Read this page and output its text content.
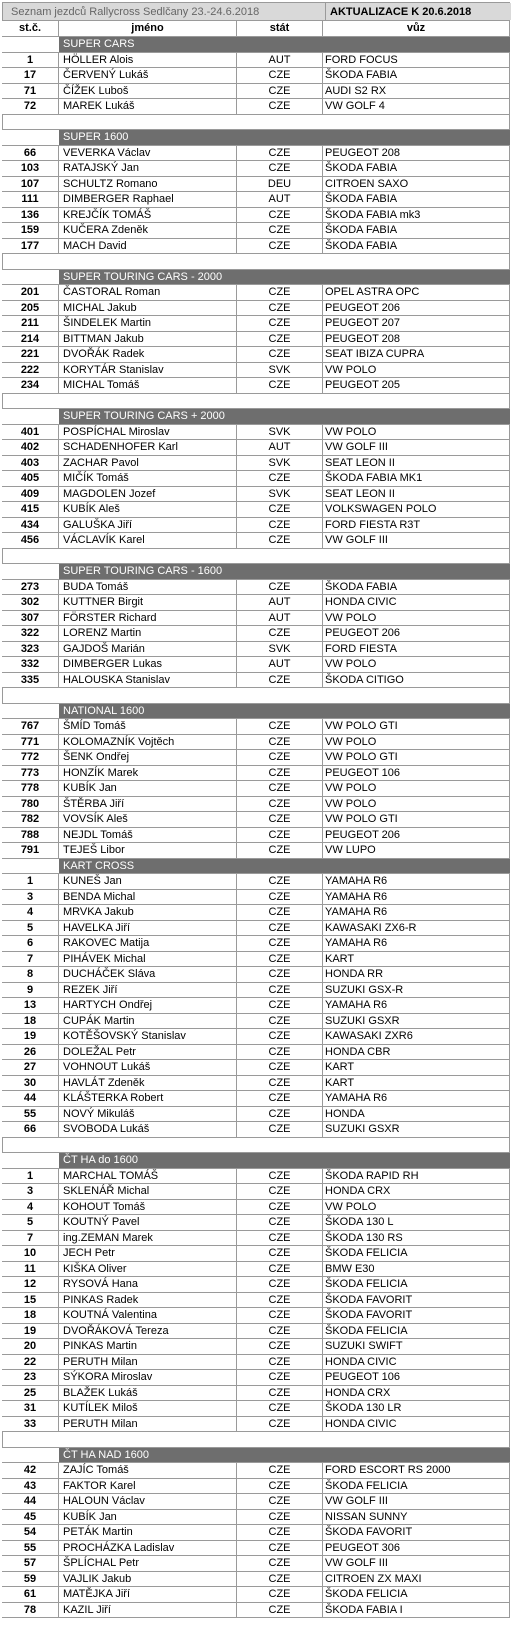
Seznam jezdců Rallycross Sedlčany 23.-24.6.2018	AKTUALIZACE K 20.6.2018
st.č.	jméno	stát	vůz
SUPER CARS
1	HÖLLER Alois	AUT	FORD FOCUS
17	ČERVENÝ Lukáš	CZE	ŠKODA FABIA
71	ČÍŽEK Luboš	CZE	AUDI S2 RX
72	MAREK Lukáš	CZE	VW GOLF 4
SUPER 1600
66	VEVERKA Václav	CZE	PEUGEOT 208
103	RATAJSKÝ Jan	CZE	ŠKODA FABIA
107	SCHULTZ Romano	DEU	CITROEN SAXO
111	DIMBERGER Raphael	AUT	ŠKODA FABIA
136	KREJČÍK TOMÁŠ	CZE	ŠKODA FABIA mk3
159	KUČERA Zdeněk	CZE	ŠKODA FABIA
177	MACH David	CZE	ŠKODA FABIA
SUPER TOURING CARS - 2000
201	ČASTORAL Roman	CZE	OPEL ASTRA OPC
205	MICHAL Jakub	CZE	PEUGEOT 206
211	ŠINDELEK Martin	CZE	PEUGEOT 207
214	BITTMAN Jakub	CZE	PEUGEOT 208
221	DVOŘÁK Radek	CZE	SEAT IBIZA CUPRA
222	KORYTÁR Stanislav	SVK	VW POLO
234	MICHAL Tomáš	CZE	PEUGEOT 205
SUPER TOURING CARS + 2000
401	POSPÍCHAL Miroslav	SVK	VW POLO
402	SCHADENHOFER Karl	AUT	VW GOLF III
403	ZACHAR Pavol	SVK	SEAT LEON II
405	MIČÍK Tomáš	CZE	ŠKODA FABIA MK1
409	MAGDOLEN Jozef	SVK	SEAT LEON II
415	KUBÍK Aleš	CZE	VOLKSWAGEN POLO
434	GALUŠKA Jiří	CZE	FORD FIESTA R3T
456	VÁCLAVÍK Karel	CZE	VW GOLF III
SUPER TOURING CARS - 1600
273	BUDA Tomáš	CZE	ŠKODA FABIA
302	KUTTNER Birgit	AUT	HONDA CIVIC
307	FÖRSTER Richard	AUT	VW POLO
322	LORENZ Martin	CZE	PEUGEOT 206
323	GAJDOŠ Marián	SVK	FORD FIESTA
332	DIMBERGER Lukas	AUT	VW POLO
335	HALOUSKA Stanislav	CZE	ŠKODA CITIGO
NATIONAL 1600
767	ŠMÍD Tomáš	CZE	VW POLO GTI
771	KOLOMAZNÍK Vojtěch	CZE	VW POLO
772	ŠENK Ondřej	CZE	VW POLO GTI
773	HONZÍK Marek	CZE	PEUGEOT 106
778	KUBÍK Jan	CZE	VW POLO
780	ŠTĚRBA Jiří	CZE	VW POLO
782	VOVSÍK Aleš	CZE	VW POLO GTI
788	NEJDL Tomáš	CZE	PEUGEOT 206
791	TEJEŠ Libor	CZE	VW LUPO
KART CROSS
1	KUNEŠ Jan	CZE	YAMAHA R6
3	BENDA Michal	CZE	YAMAHA R6
4	MRVKA Jakub	CZE	YAMAHA R6
5	HAVELKA Jiří	CZE	KAWASAKI ZX6-R
6	RAKOVEC Matija	CZE	YAMAHA R6
7	PIHÁVEK Michal	CZE	KART
8	DUCHÁČEK Sláva	CZE	HONDA RR
9	REZEK Jiří	CZE	SUZUKI GSX-R
13	HARTYCH Ondřej	CZE	YAMAHA R6
18	CUPÁK Martin	CZE	SUZUKI GSXR
19	KOTĚŠOVSKÝ Stanislav	CZE	KAWASAKI ZXR6
26	DOLEŽAL Petr	CZE	HONDA CBR
27	VOHNOUT Lukáš	CZE	KART
30	HAVLÁT Zdeněk	CZE	KART
44	KLÁŠTERKA Robert	CZE	YAMAHA R6
55	NOVÝ Mikuláš	CZE	HONDA
66	SVOBODA Lukáš	CZE	SUZUKI GSXR
ČT HA do 1600
1	MARCHAL TOMÁŠ	CZE	ŠKODA RAPID RH
3	SKLENÁŘ Michal	CZE	HONDA CRX
4	KOHOUT Tomáš	CZE	VW POLO
5	KOUTNÝ Pavel	CZE	ŠKODA 130 L
7	ing.ZEMAN Marek	CZE	ŠKODA 130 RS
10	JECH Petr	CZE	ŠKODA FELICIA
11	KIŠKA Oliver	CZE	BMW E30
12	RYSOVÁ Hana	CZE	ŠKODA FELICIA
15	PINKAS Radek	CZE	ŠKODA FAVORIT
18	KOUTNÁ Valentina	CZE	ŠKODA FAVORIT
19	DVOŘÁKOVÁ Tereza	CZE	ŠKODA FELICIA
20	PINKAS Martin	CZE	SUZUKI SWIFT
22	PERUTH Milan	CZE	HONDA CIVIC
23	SÝKORA Miroslav	CZE	PEUGEOT 106
25	BLAŽEK Lukáš	CZE	HONDA CRX
31	KUTÍLEK Miloš	CZE	ŠKODA 130 LR
33	PERUTH Milan	CZE	HONDA CIVIC
ČT HA NAD 1600
42	ZAJÍC Tomáš	CZE	FORD ESCORT RS 2000
43	FAKTOR Karel	CZE	ŠKODA FELICIA
44	HALOUN Václav	CZE	VW GOLF III
45	KUBÍK Jan	CZE	NISSAN SUNNY
54	PETÁK Martin	CZE	ŠKODA FAVORIT
55	PROCHÁZKA Ladislav	CZE	PEUGEOT 306
57	ŠPLÍCHAL Petr	CZE	VW GOLF III
59	VAJLIK Jakub	CZE	CITROEN ZX MAXI
61	MATĚJKA Jiří	CZE	ŠKODA FELICIA
78	KAZIL Jiří	CZE	ŠKODA FABIA I
